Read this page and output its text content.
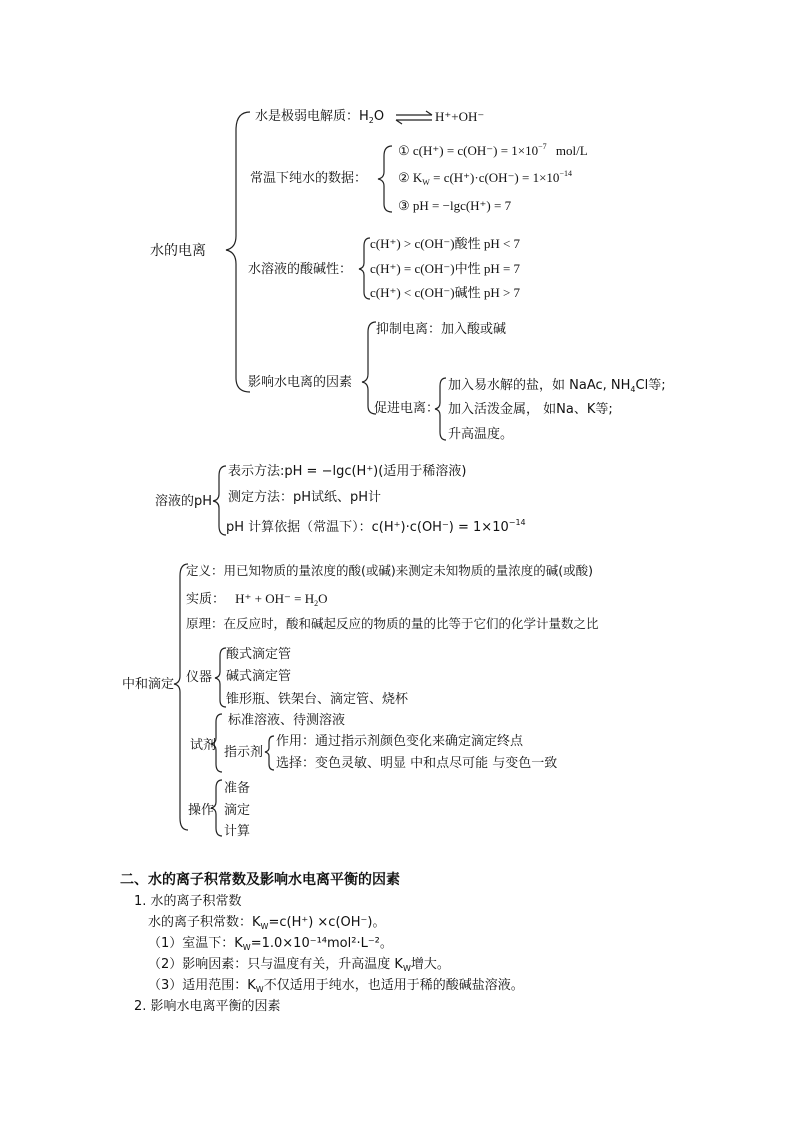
水的电离
水是极弱电解质：$H_2O$	H⁺+OH⁻
常温下纯水的数据：
① $c(H^+) = c(OH^-) = 1\times 10^{-7}$ mol/L
② $K_W = c(H^+)\cdot c(OH^-) = 1\times 10^{-14}$
③ pH = −lgc(H⁺) = 7
水溶液的酸碱性：
c(H⁺) > c(OH⁻)酸性 pH < 7
c(H⁺) = c(OH⁻)中性 pH = 7
c(H⁺) < c(OH⁻)碱性 pH > 7
影响水电离的因素
抑制电离：加入酸或碱
促进电离：
加入易水解的盐，如 NaAc, $NH_4Cl$等;
加入活泼金属， 如Na、K等;
升高温度。
溶液的pH
表示方法:pH = −lgc(H⁺)(适用于稀溶液)
测定方法：pH试纸、pH计
pH 计算依据（常温下）：$c(H^+)\cdot c(OH^-) = 1\times 10^{-14}$
中和滴定
定义：用已知物质的量浓度的酸(或碱)来测定未知物质的量浓度的碱(或酸)
实质： $H^+ + OH^- = H_2O$
原理：在反应时，酸和碱起反应的物质的量的比等于它们的化学计量数之比
仪器
酸式滴定管
碱式滴定管
锥形瓶、铁架台、滴定管、烧杯
试剂
标准溶液、待测溶液
指示剂
作用：通过指示剂颜色变化来确定滴定终点
选择：变色灵敏、明显 中和点尽可能 与变色一致
操作
准备
滴定
计算
二、水的离子积常数及影响水电离平衡的因素
1. 水的离子积常数
水的离子积常数：$K_W=c(H^+) \times c(OH^-)$。
（1）室温下：$K_W=1.0\times 10^{-14}mol^2\cdot L^{-2}$。
（2）影响因素：只与温度有关，升高温度 $K_W$增大。
（3）适用范围：$K_W$不仅适用于纯水，也适用于稀的酸碱盐溶液。
2. 影响水电离平衡的因素
